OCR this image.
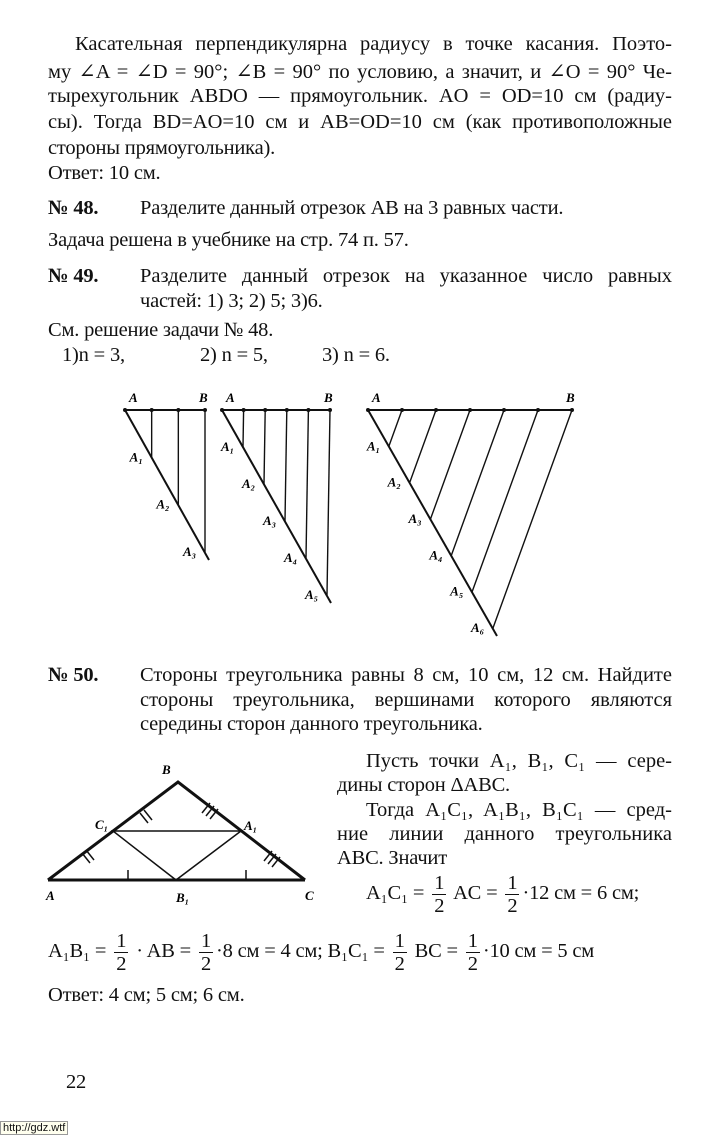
Касательная перпендикулярна радиусу в точке касания. Поэто-
му ∠A = ∠D = 90°; ∠B = 90° по условию, а значит, и ∠O = 90° Че-
тырехугольник ABDO — прямоугольник. AO = OD=10 см (радиу-
сы). Тогда BD=AO=10 см и AB=OD=10 см (как противоположные
стороны прямоугольника).
Ответ: 10 см.
№ 48. Разделите данный отрезок AB на 3 равных части.
Задача решена в учебнике на стр. 74 п. 57.
№ 49. Разделите данный отрезок на указанное число равных
частей: 1) 3; 2) 5; 3)6.
См. решение задачи № 48.
1)n = 3,	2) n = 5,	3) n = 6.
A₁
A₂
A₃
A	B
A₁
A₂
A₃
A₄
A₅
A	B
A₁
A₂
A₃
A₄
A₅
A₆
A	B
№ 50. Стороны треугольника равны 8 см, 10 см, 12 см. Найдите
стороны треугольника, вершинами которого являются
середины сторон данного треугольника.
B
C₁	A₁
A	B₁	C
Пусть точки A₁, B₁, C₁ — сере-
дины сторон ΔABC.
Тогда A₁C₁, A₁B₁, B₁C₁ — сред-
ние линии данного треугольника
ABC. Значит
$A_1C_1 = \frac{1}{2}$ AC = $\frac{1}{2} \cdot 12$ см = 6 см;
$A_1B_1 = \frac{1}{2}$ · AB = $\frac{1}{2} \cdot 8$ см = 4 см; $B_1C_1 = \frac{1}{2}$ BC = $\frac{1}{2} \cdot 10$ см = 5 см
Ответ: 4 см; 5 см; 6 см.
22
http://gdz.wtf
